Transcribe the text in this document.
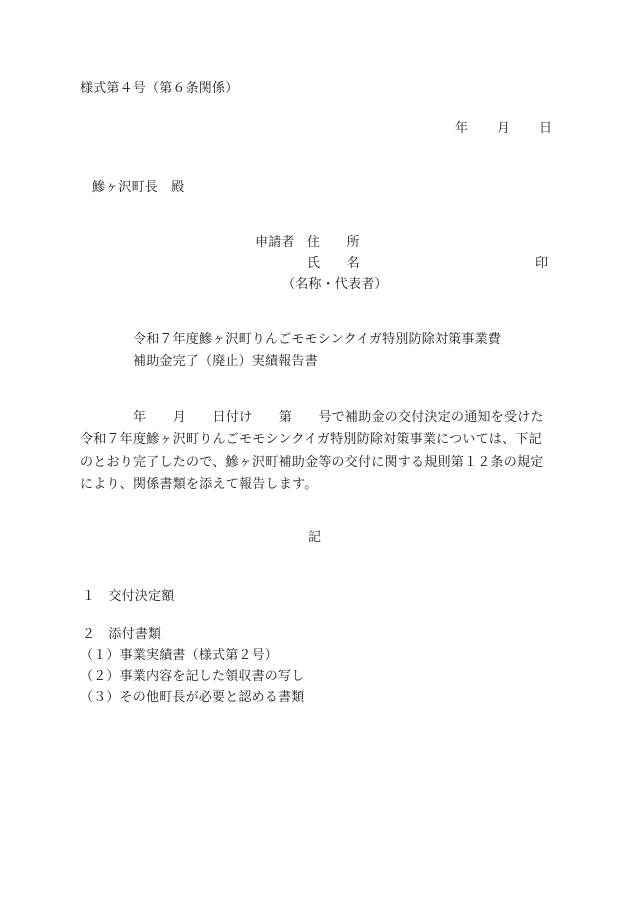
様式第４号（第６条関係）
年　　月　　日
鰺ヶ沢町長　殿
申請者 住　　所
氏　　名	印
（名称・代表者）
令和７年度鰺ヶ沢町りんごモモシンクイガ特別防除対策事業費
補助金完了（廃止）実績報告書
　　　　年　　月　　日付け　　第　　号で補助金の交付決定の通知を受けた
令和７年度鰺ヶ沢町りんごモモシンクイガ特別防除対策事業については、下記
のとおり完了したので、鰺ヶ沢町補助金等の交付に関する規則第１２条の規定
により、関係書類を添えて報告します。
記
１　交付決定額
２　添付書類
（１）事業実績書（様式第２号）
（２）事業内容を記した領収書の写し
（３）その他町長が必要と認める書類
